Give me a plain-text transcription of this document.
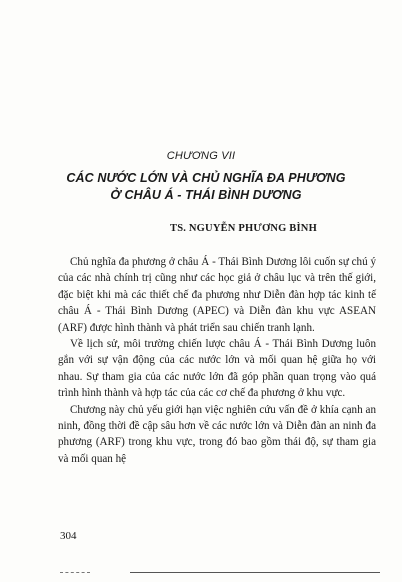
CHƯƠNG VII
CÁC NƯỚC LỚN VÀ CHỦ NGHĨA ĐA PHƯƠNG
Ở CHÂU Á - THÁI BÌNH DƯƠNG
TS. NGUYỄN PHƯƠNG BÌNH

Chủ nghĩa đa phương ở châu Á - Thái Bình Dương lôi cuốn sự chú ý của các nhà chính trị cũng như các học giả ở châu lục và trên thế giới, đặc biệt khi mà các thiết chế đa phương như Diễn đàn hợp tác kinh tế châu Á - Thái Bình Dương (APEC) và Diễn đàn khu vực ASEAN (ARF) được hình thành và phát triển sau chiến tranh lạnh.

Về lịch sử, môi trường chiến lược châu Á - Thái Bình Dương luôn gắn với sự vận động của các nước lớn và mối quan hệ giữa họ với nhau. Sự tham gia của các nước lớn đã góp phần quan trọng vào quá trình hình thành và hợp tác của các cơ chế đa phương ở khu vực.

Chương này chủ yếu giới hạn việc nghiên cứu vấn đề ở khía cạnh an ninh, đồng thời đề cập sâu hơn về các nước lớn và Diễn đàn an ninh đa phương (ARF) trong khu vực, trong đó bao gồm thái độ, sự tham gia và mối quan hệ

304
